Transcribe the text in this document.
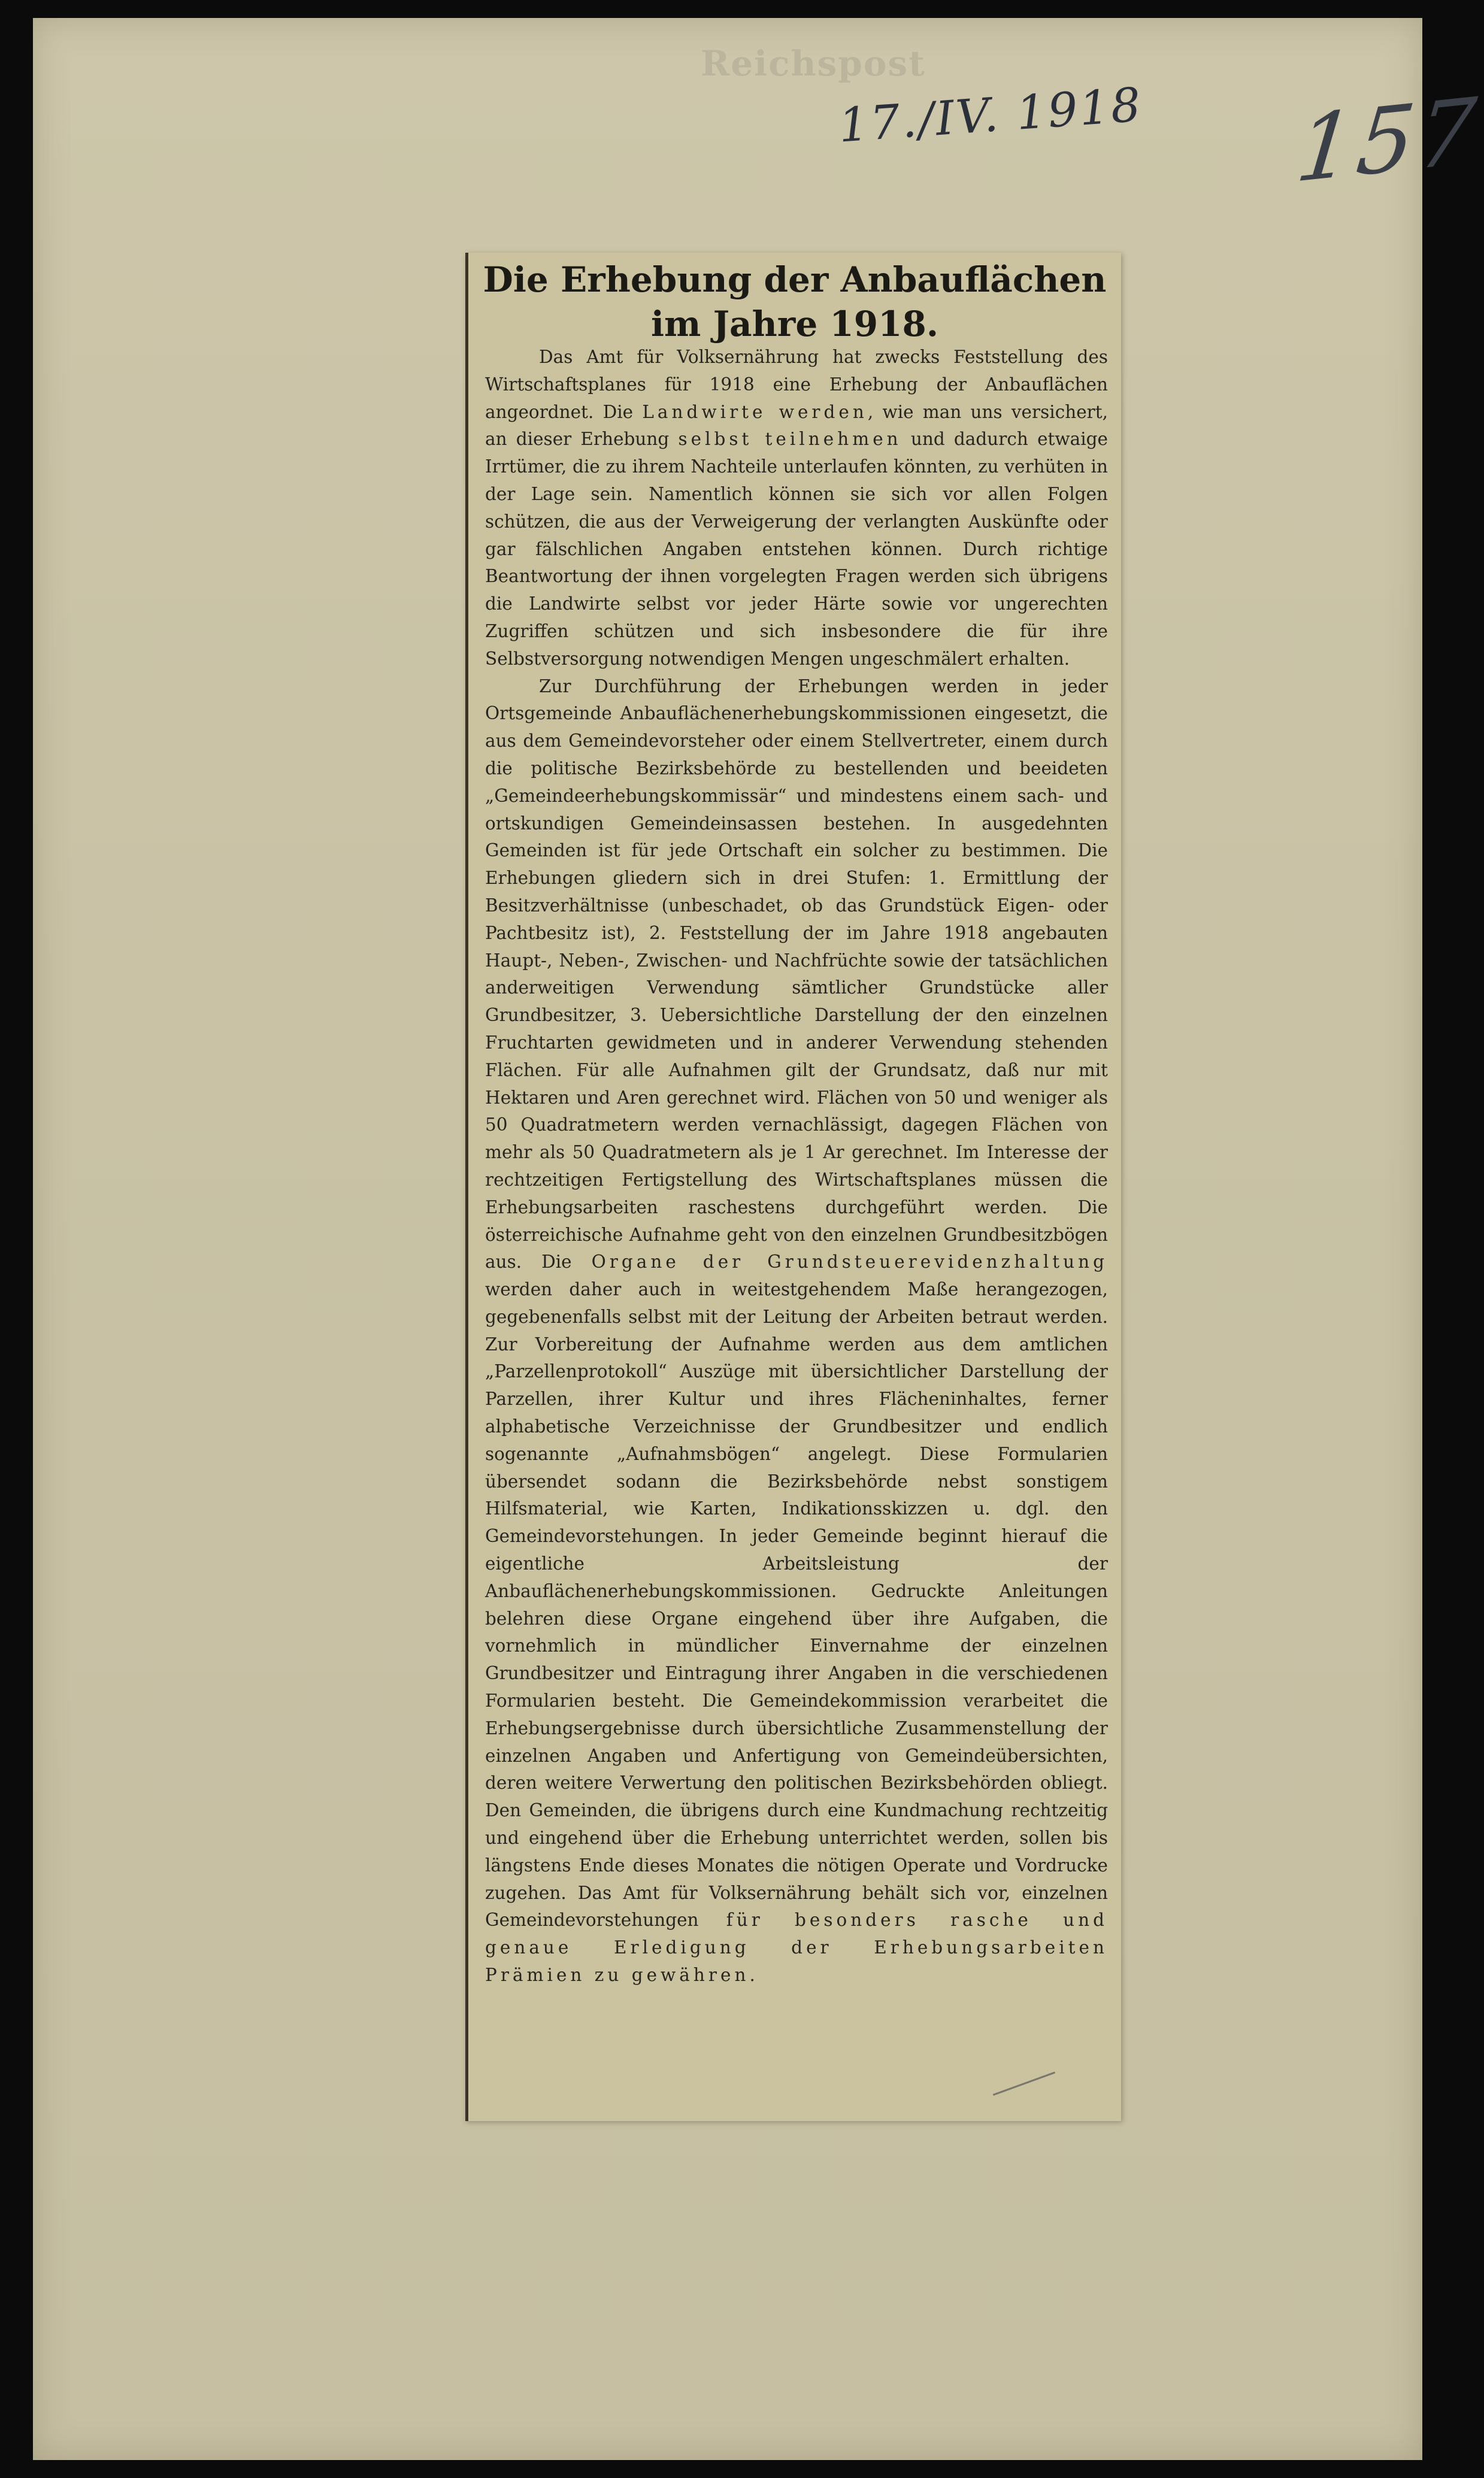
Reichspost
17./IV. 1918 157
Die Erhebung der Anbauflächen
im Jahre 1918.

Das Amt für Volksernährung hat zwecks Feststellung des Wirtschaftsplanes für 1918 eine Erhebung der Anbauflächen angeordnet. Die Landwirte werden, wie man uns versichert, an dieser Erhebung selbst teilnehmen und dadurch etwaige Irrtümer, die zu ihrem Nachteile unterlaufen könnten, zu verhüten in der Lage sein. Namentlich können sie sich vor allen Folgen schützen, die aus der Verweigerung der verlangten Auskünfte oder gar fälschlichen Angaben entstehen können. Durch richtige Beantwortung der ihnen vorgelegten Fragen werden sich übrigens die Landwirte selbst vor jeder Härte sowie vor ungerechten Zugriffen schützen und sich insbesondere die für ihre Selbstversorgung notwendigen Mengen ungeschmälert erhalten.

Zur Durchführung der Erhebungen werden in jeder Ortsgemeinde Anbauflächenerhebungskommissionen eingesetzt, die aus dem Gemeindevorsteher oder einem Stellvertreter, einem durch die politische Bezirksbehörde zu bestellenden und beeideten „Gemeindeerhebungskommissär“ und mindestens einem sach- und ortskundigen Gemeindeinsassen bestehen. In ausgedehnten Gemeinden ist für jede Ortschaft ein solcher zu bestimmen. Die Erhebungen gliedern sich in drei Stufen: 1. Ermittlung der Besitzverhältnisse (unbeschadet, ob das Grundstück Eigen- oder Pachtbesitz ist), 2. Feststellung der im Jahre 1918 angebauten Haupt-, Neben-, Zwischen- und Nachfrüchte sowie der tatsächlichen anderweitigen Verwendung sämtlicher Grundstücke aller Grundbesitzer, 3. Uebersichtliche Darstellung der den einzelnen Fruchtarten gewidmeten und in anderer Verwendung stehenden Flächen. Für alle Aufnahmen gilt der Grundsatz, daß nur mit Hektaren und Aren gerechnet wird. Flächen von 50 und weniger als 50 Quadratmetern werden vernachlässigt, dagegen Flächen von mehr als 50 Quadratmetern als je 1 Ar gerechnet. Im Interesse der rechtzeitigen Fertigstellung des Wirtschaftsplanes müssen die Erhebungsarbeiten raschestens durchgeführt werden. Die österreichische Aufnahme geht von den einzelnen Grundbesitzbögen aus. Die Organe der Grundsteuerevidenzhaltung werden daher auch in weitestgehendem Maße herangezogen, gegebenenfalls selbst mit der Leitung der Arbeiten betraut werden. Zur Vorbereitung der Aufnahme werden aus dem amtlichen „Parzellenprotokoll“ Auszüge mit übersichtlicher Darstellung der Parzellen, ihrer Kultur und ihres Flächeninhaltes, ferner alphabetische Verzeichnisse der Grundbesitzer und endlich sogenannte „Aufnahmsbögen“ angelegt. Diese Formularien übersendet sodann die Bezirksbehörde nebst sonstigem Hilfsmaterial, wie Karten, Indikationsskizzen u. dgl. den Gemeindevorstehungen. In jeder Gemeinde beginnt hierauf die eigentliche Arbeitsleistung der Anbauflächenerhebungskommissionen. Gedruckte Anleitungen belehren diese Organe eingehend über ihre Aufgaben, die vornehmlich in mündlicher Einvernahme der einzelnen Grundbesitzer und Eintragung ihrer Angaben in die verschiedenen Formularien besteht. Die Gemeindekommission verarbeitet die Erhebungsergebnisse durch übersichtliche Zusammenstellung der einzelnen Angaben und Anfertigung von Gemeindeübersichten, deren weitere Verwertung den politischen Bezirksbehörden obliegt. Den Gemeinden, die übrigens durch eine Kundmachung rechtzeitig und eingehend über die Erhebung unterrichtet werden, sollen bis längstens Ende dieses Monates die nötigen Operate und Vordrucke zugehen. Das Amt für Volksernährung behält sich vor, einzelnen Gemeindevorstehungen für besonders rasche und genaue Erledigung der Erhebungsarbeiten Prämien zu gewähren.
